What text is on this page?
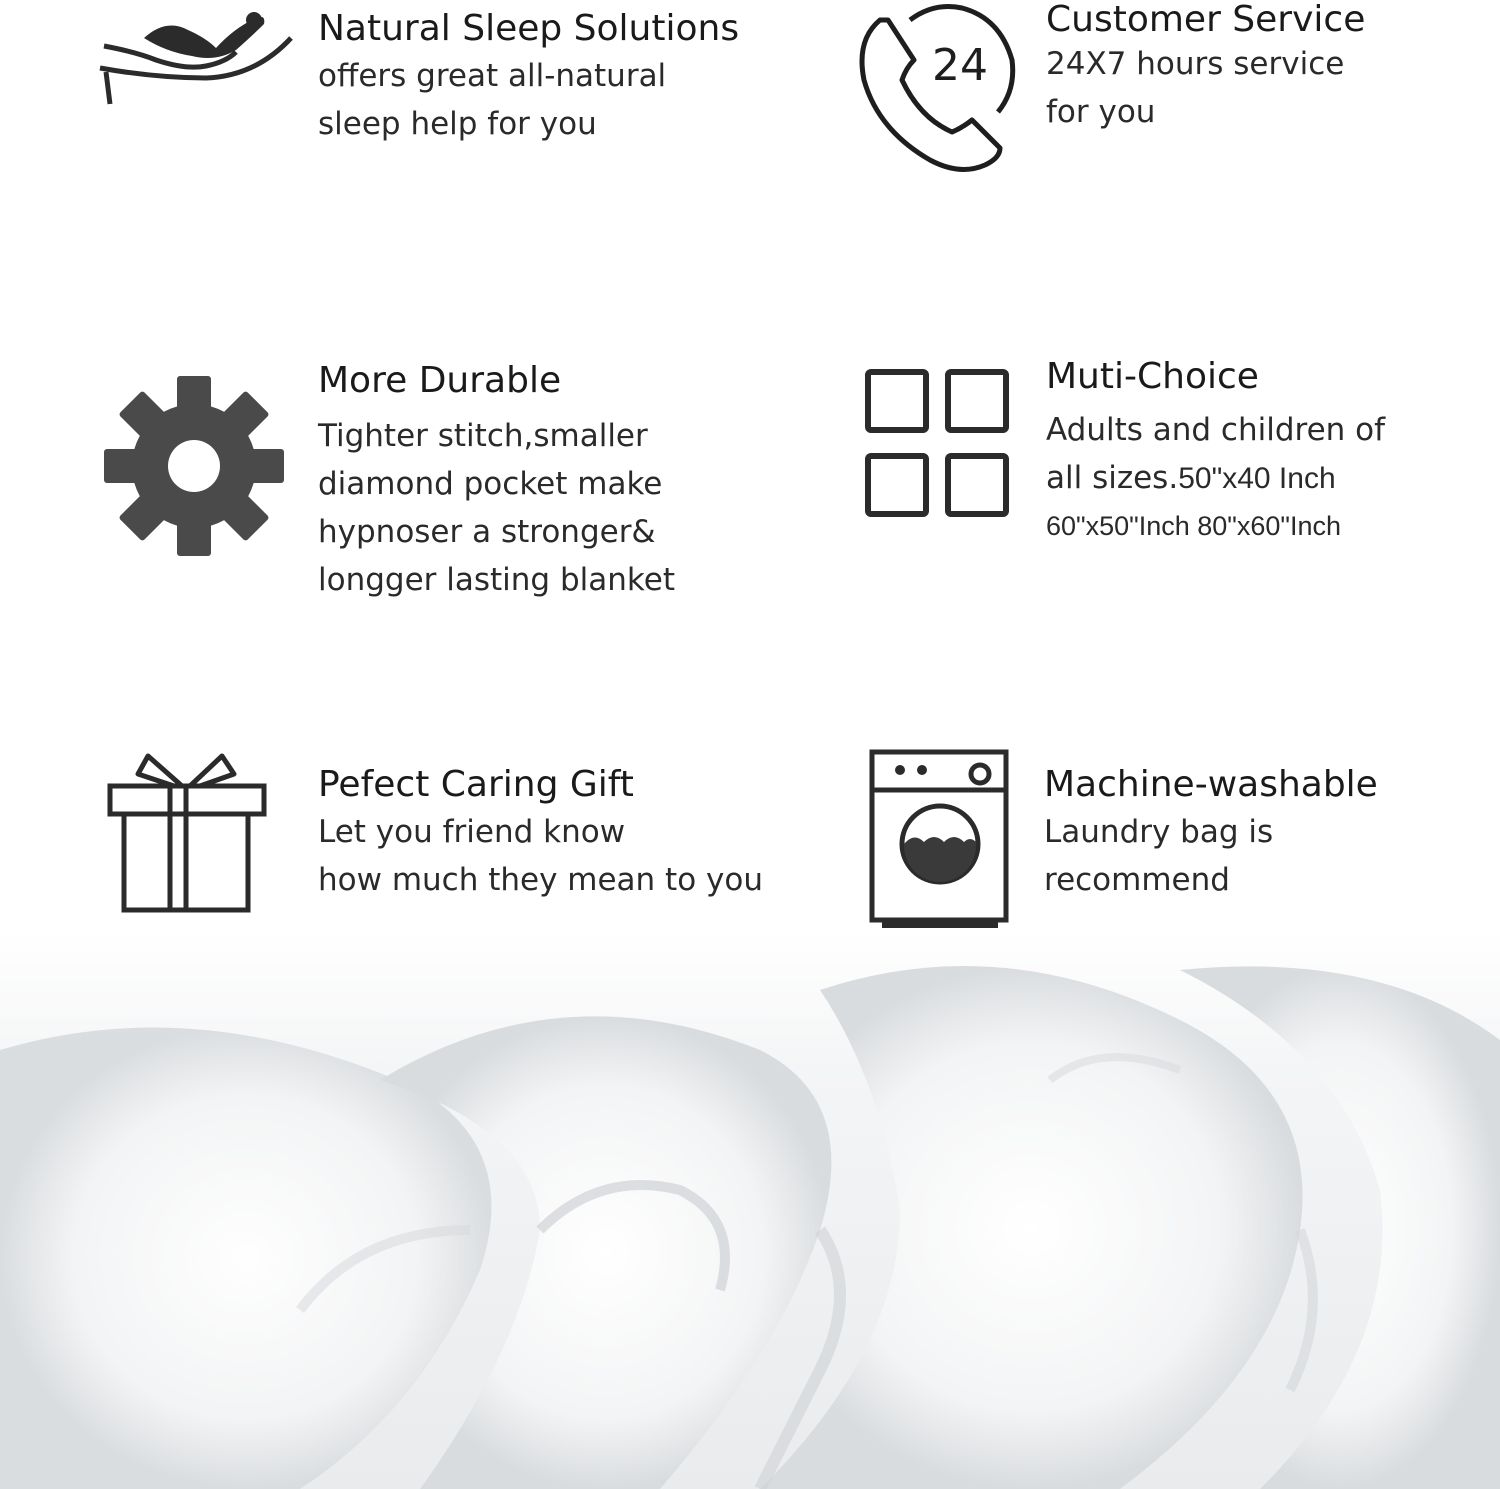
Natural Sleep Solutions
offers great all-natural
sleep help for you
24
Customer Service
24X7 hours service
for you
More Durable
Tighter stitch,smaller
diamond pocket make
hypnoser a stronger&
longger lasting blanket
Muti-Choice
Adults and children of
all sizes.50"x40 Inch
60"x50"Inch 80"x60"Inch
Pefect Caring Gift
Let you friend know
how much they mean to you
Machine-washable
Laundry bag is
recommend
